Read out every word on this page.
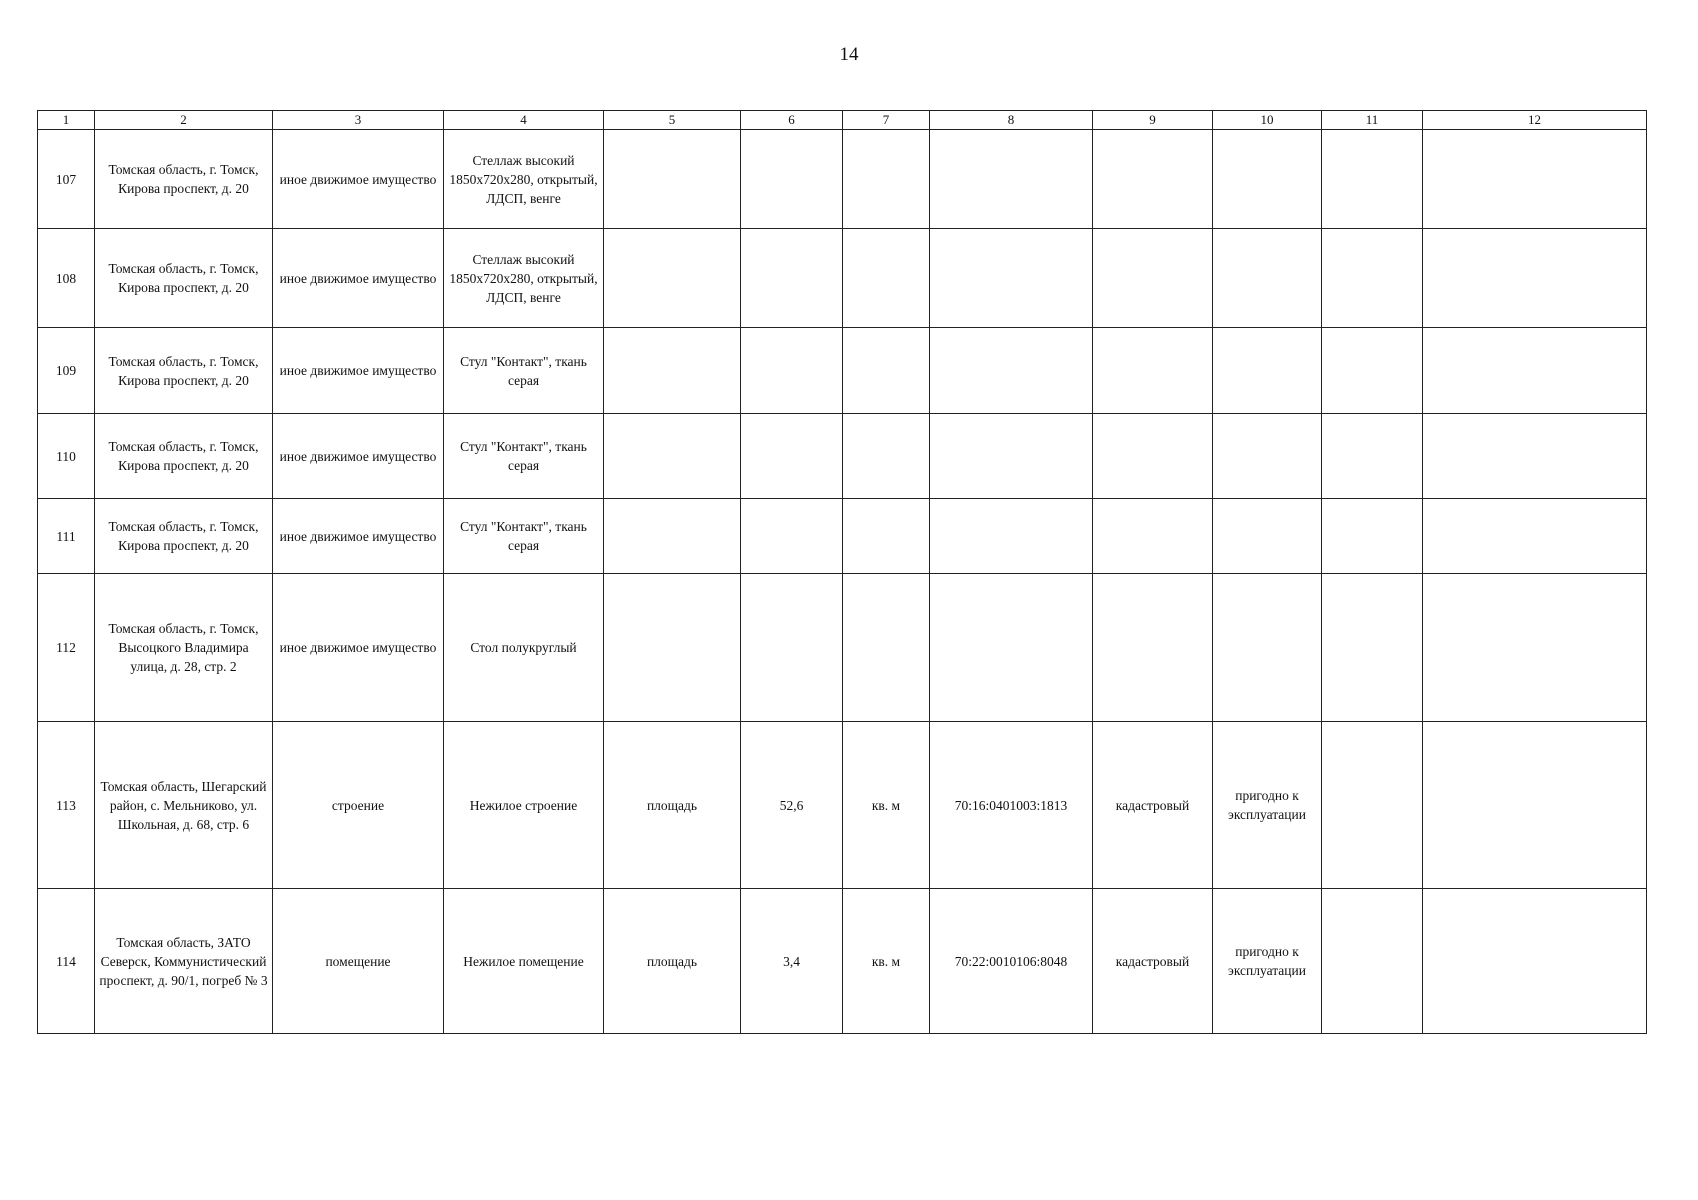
14
1	2	3	4	5	6	7	8	9	10	11	12
107	Томская область, г. Томск, Кирова проспект, д. 20	иное движимое имущество	Стеллаж высокий 1850x720x280, открытый, ЛДСП, венге								
108	Томская область, г. Томск, Кирова проспект, д. 20	иное движимое имущество	Стеллаж высокий 1850x720x280, открытый, ЛДСП, венге								
109	Томская область, г. Томск, Кирова проспект, д. 20	иное движимое имущество	Стул "Контакт", ткань серая								
110	Томская область, г. Томск, Кирова проспект, д. 20	иное движимое имущество	Стул "Контакт", ткань серая								
111	Томская область, г. Томск, Кирова проспект, д. 20	иное движимое имущество	Стул "Контакт", ткань серая								
112	Томская область, г. Томск, Высоцкого Владимира улица, д. 28, стр. 2	иное движимое имущество	Стол полукруглый								
113	Томская область, Шегарский район, с. Мельниково, ул. Школьная, д. 68, стр. 6	строение	Нежилое строение	площадь	52,6	кв. м	70:16:0401003:1813	кадастровый	пригодно к эксплуатации		
114	Томская область, ЗАТО Северск, Коммунистический проспект, д. 90/1, погреб № 3	помещение	Нежилое помещение	площадь	3,4	кв. м	70:22:0010106:8048	кадастровый	пригодно к эксплуатации		
